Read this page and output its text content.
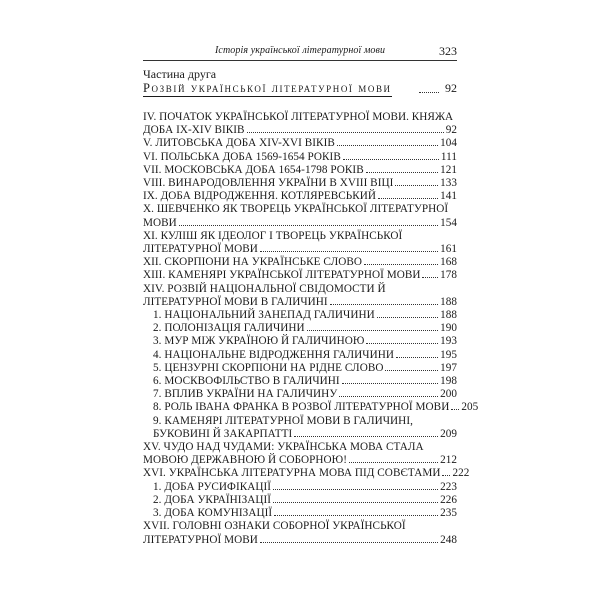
Історія української літературної мови	323
Частина друга
Розвій української літературної мови	92
IV. ПОЧАТОК УКРАЇНСЬКОЇ ЛІТЕРАТУРНОЇ МОВИ. КНЯЖА
ДОБА IX-XIV ВІКІВ	92
V. ЛИТОВСЬКА ДОБА XIV-XVI ВІКІВ	104
VI. ПОЛЬСЬКА ДОБА 1569-1654 РОКІВ	111
VII. МОСКОВСЬКА ДОБА 1654-1798 РОКІВ	121
VIII. ВИНАРОДОВЛЕННЯ УКРАЇНИ В XVIII ВІЦІ	133
IX. ДОБА ВІДРОДЖЕННЯ. КОТЛЯРЕВСЬКИЙ	141
X. ШЕВЧЕНКО ЯК ТВОРЕЦЬ УКРАЇНСЬКОЇ ЛІТЕРАТУРНОЇ
МОВИ	154
XI. КУЛІШ ЯК ІДЕОЛОГ І ТВОРЕЦЬ УКРАЇНСЬКОЇ
ЛІТЕРАТУРНОЇ МОВИ	161
XII. СКОРПІОНИ НА УКРАЇНСЬКЕ СЛОВО	168
XIII. КАМЕНЯРІ УКРАЇНСЬКОЇ ЛІТЕРАТУРНОЇ МОВИ 178
XIV. РОЗВІЙ НАЦІОНАЛЬНОЇ СВІДОМОСТИ Й
ЛІТЕРАТУРНОЇ МОВИ В ГАЛИЧИНІ	188
1. НАЦІОНАЛЬНИЙ ЗАНЕПАД ГАЛИЧИНИ	188
2. ПОЛОНІЗАЦІЯ ГАЛИЧИНИ	190
3. МУР МІЖ УКРАЇНОЮ Й ГАЛИЧИНОЮ	193
4. НАЦІОНАЛЬНЕ ВІДРОДЖЕННЯ ГАЛИЧИНИ	195
5. ЦЕНЗУРНІ СКОРПІОНИ НА РІДНЕ СЛОВО	197
6. МОСКВОФІЛЬСТВО В ГАЛИЧИНІ	198
7. ВПЛИВ УКРАЇНИ НА ГАЛИЧИНУ	200
8. РОЛЬ ІВАНА ФРАНКА В РОЗВОЇ ЛІТЕРАТУРНОЇ МОВИ 205
9. КАМЕНЯРІ ЛІТЕРАТУРНОЇ МОВИ В ГАЛИЧИНІ,
БУКОВИНІ Й ЗАКАРПАТТІ	209
XV. ЧУДО НАД ЧУДАМИ: УКРАЇНСЬКА МОВА СТАЛА
МОВОЮ ДЕРЖАВНОЮ Й СОБОРНОЮ!	212
XVI. УКРАЇНСЬКА ЛІТЕРАТУРНА МОВА ПІД СОВЄТАМИ 222
1. ДОБА РУСИФІКАЦІЇ	223
2. ДОБА УКРАЇНІЗАЦІЇ	226
3. ДОБА КОМУНІЗАЦІЇ	235
XVII. ГОЛОВНІ ОЗНАКИ СОБОРНОЇ УКРАЇНСЬКОЇ
ЛІТЕРАТУРНОЇ МОВИ	248
